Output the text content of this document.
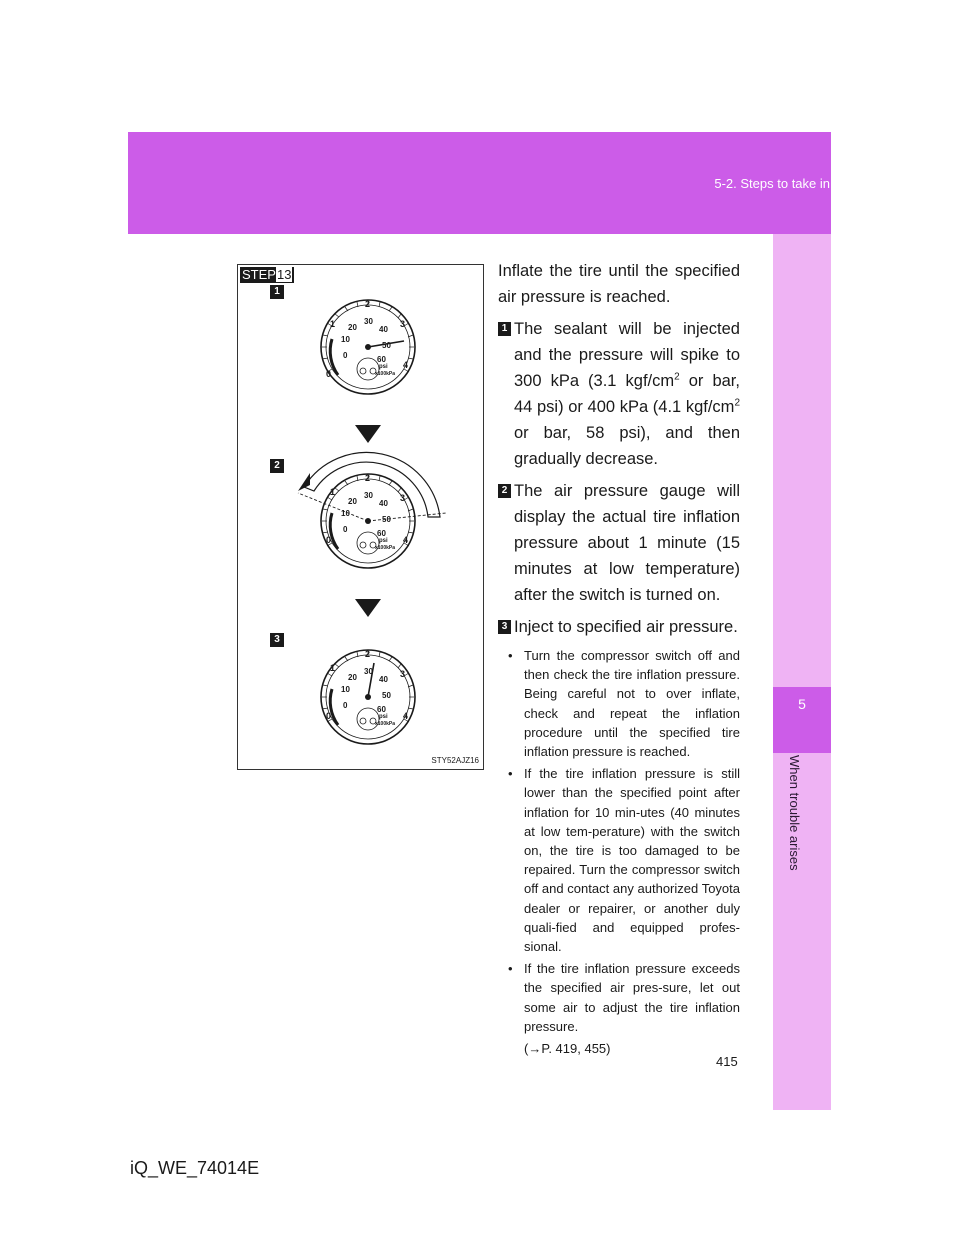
5-2. Steps to take in an emergency
5
When trouble arises
STEP13
1
2
3
0
1
2
3
4
0
10
20
30
40
50
60
psi
x100kPa
0
1
2
3
4
0
10
20
30
40
50
60
psi
x100kPa
0
1
2
3
4
0
10
20
30
40
50
60
psi
x100kPa
STY52AJZ16

Inflate the tire until the specified air pressure is reached.

1 The sealant will be injected and the pressure will spike to 300 kPa (3.1 kgf/$cm^2$ or bar, 44 psi) or 400 kPa (4.1 kgf/$cm^2$ or bar, 58 psi), and then gradually decrease.
2 The air pressure gauge will display the actual tire inflation pressure about 1 minute (15 minutes at low temperature) after the switch is turned on.
3 Inject to specified air pressure.
• Turn the compressor switch off and then check the tire inflation pressure. Being careful not to over inflate, check and repeat the inflation procedure until the specified tire inflation pressure is reached.
• If the tire inflation pressure is still lower than the specified point after inflation for 10 min-utes (40 minutes at low tem-perature) with the switch on, the tire is too damaged to be repaired. Turn the compressor switch off and contact any authorized Toyota dealer or repairer, or another duly quali-fied and equipped profes-sional.
• If the tire inflation pressure exceeds the specified air pres-sure, let out some air to adjust the tire inflation pressure.
(→P. 419, 455)
415
iQ_WE_74014E
